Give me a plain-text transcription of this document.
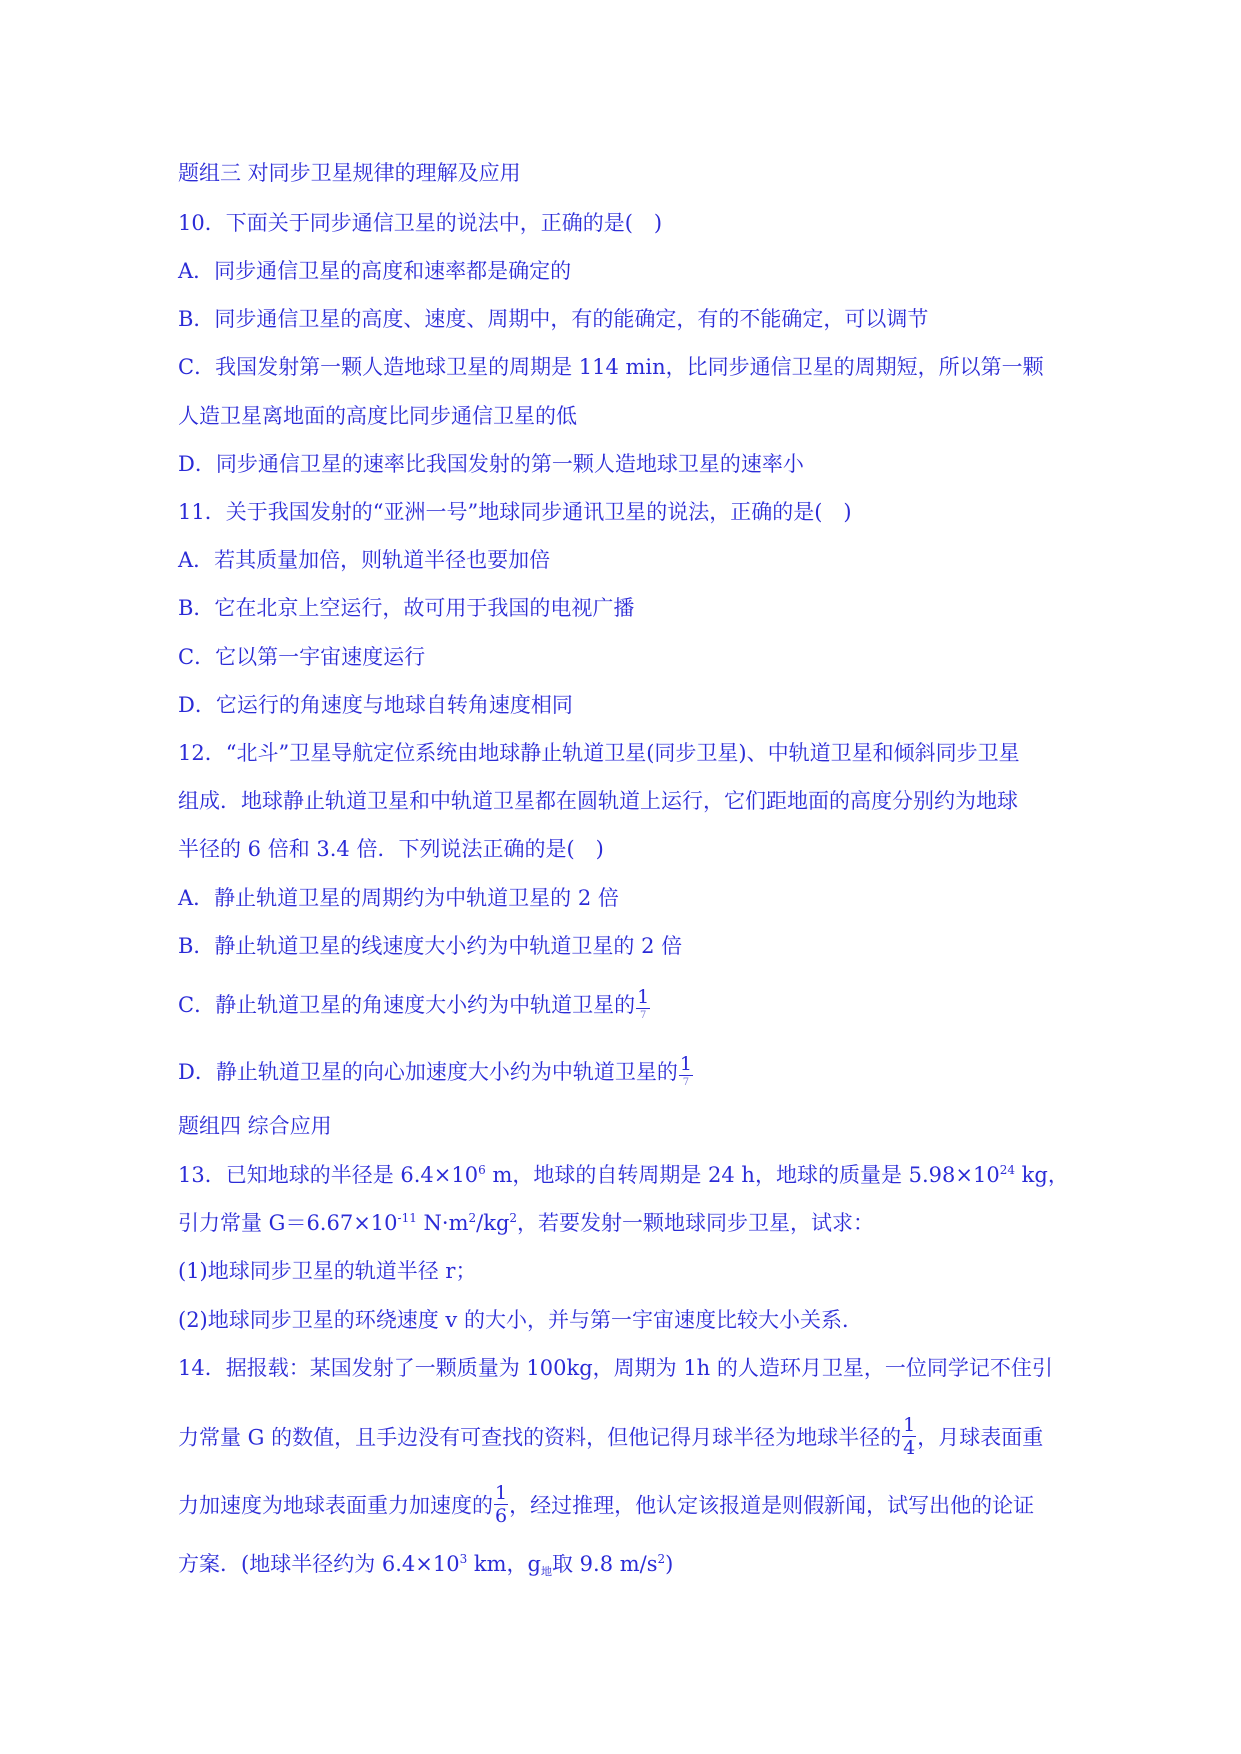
题组三 对同步卫星规律的理解及应用
10．下面关于同步通信卫星的说法中，正确的是(　)
A．同步通信卫星的高度和速率都是确定的
B．同步通信卫星的高度、速度、周期中，有的能确定，有的不能确定，可以调节
C．我国发射第一颗人造地球卫星的周期是 114 min，比同步通信卫星的周期短，所以第一颗
人造卫星离地面的高度比同步通信卫星的低
D．同步通信卫星的速率比我国发射的第一颗人造地球卫星的速率小
11．关于我国发射的“亚洲一号”地球同步通讯卫星的说法，正确的是(　)
A．若其质量加倍，则轨道半径也要加倍
B．它在北京上空运行，故可用于我国的电视广播
C．它以第一宇宙速度运行
D．它运行的角速度与地球自转角速度相同
12．“北斗”卫星导航定位系统由地球静止轨道卫星(同步卫星)、中轨道卫星和倾斜同步卫星
组成．地球静止轨道卫星和中轨道卫星都在圆轨道上运行，它们距地面的高度分别约为地球
半径的 6 倍和 3.4 倍．下列说法正确的是(　)
A．静止轨道卫星的周期约为中轨道卫星的 2 倍
B．静止轨道卫星的线速度大小约为中轨道卫星的 2 倍
C．静止轨道卫星的角速度大小约为中轨道卫星的 $\frac{1}{7}$
D．静止轨道卫星的向心加速度大小约为中轨道卫星的 $\frac{1}{7}$
题组四 综合应用
13．已知地球的半径是 $6.4\times 10^6$ m，地球的自转周期是 24 h，地球的质量是 $5.98\times 10^{24}$ kg，
引力常量 $G=6.67\times 10^{-11}$ $N\cdot m^2/kg^2$，若要发射一颗地球同步卫星，试求：
(1)地球同步卫星的轨道半径 r；
(2)地球同步卫星的环绕速度 v 的大小，并与第一宇宙速度比较大小关系．
14．据报载：某国发射了一颗质量为 100kg，周期为 1h 的人造环月卫星，一位同学记不住引
力常量 G 的数值，且手边没有可查找的资料，但他记得月球半径为地球半径的 $\frac{1}{4}$ ，月球表面重
力加速度为地球表面重力加速度的 $\frac{1}{6}$ ，经过推理，他认定该报道是则假新闻，试写出他的论证
方案．(地球半径约为 $6.4\times 10^3$ km，$g_地$取 9.8 $m/s^2$)
